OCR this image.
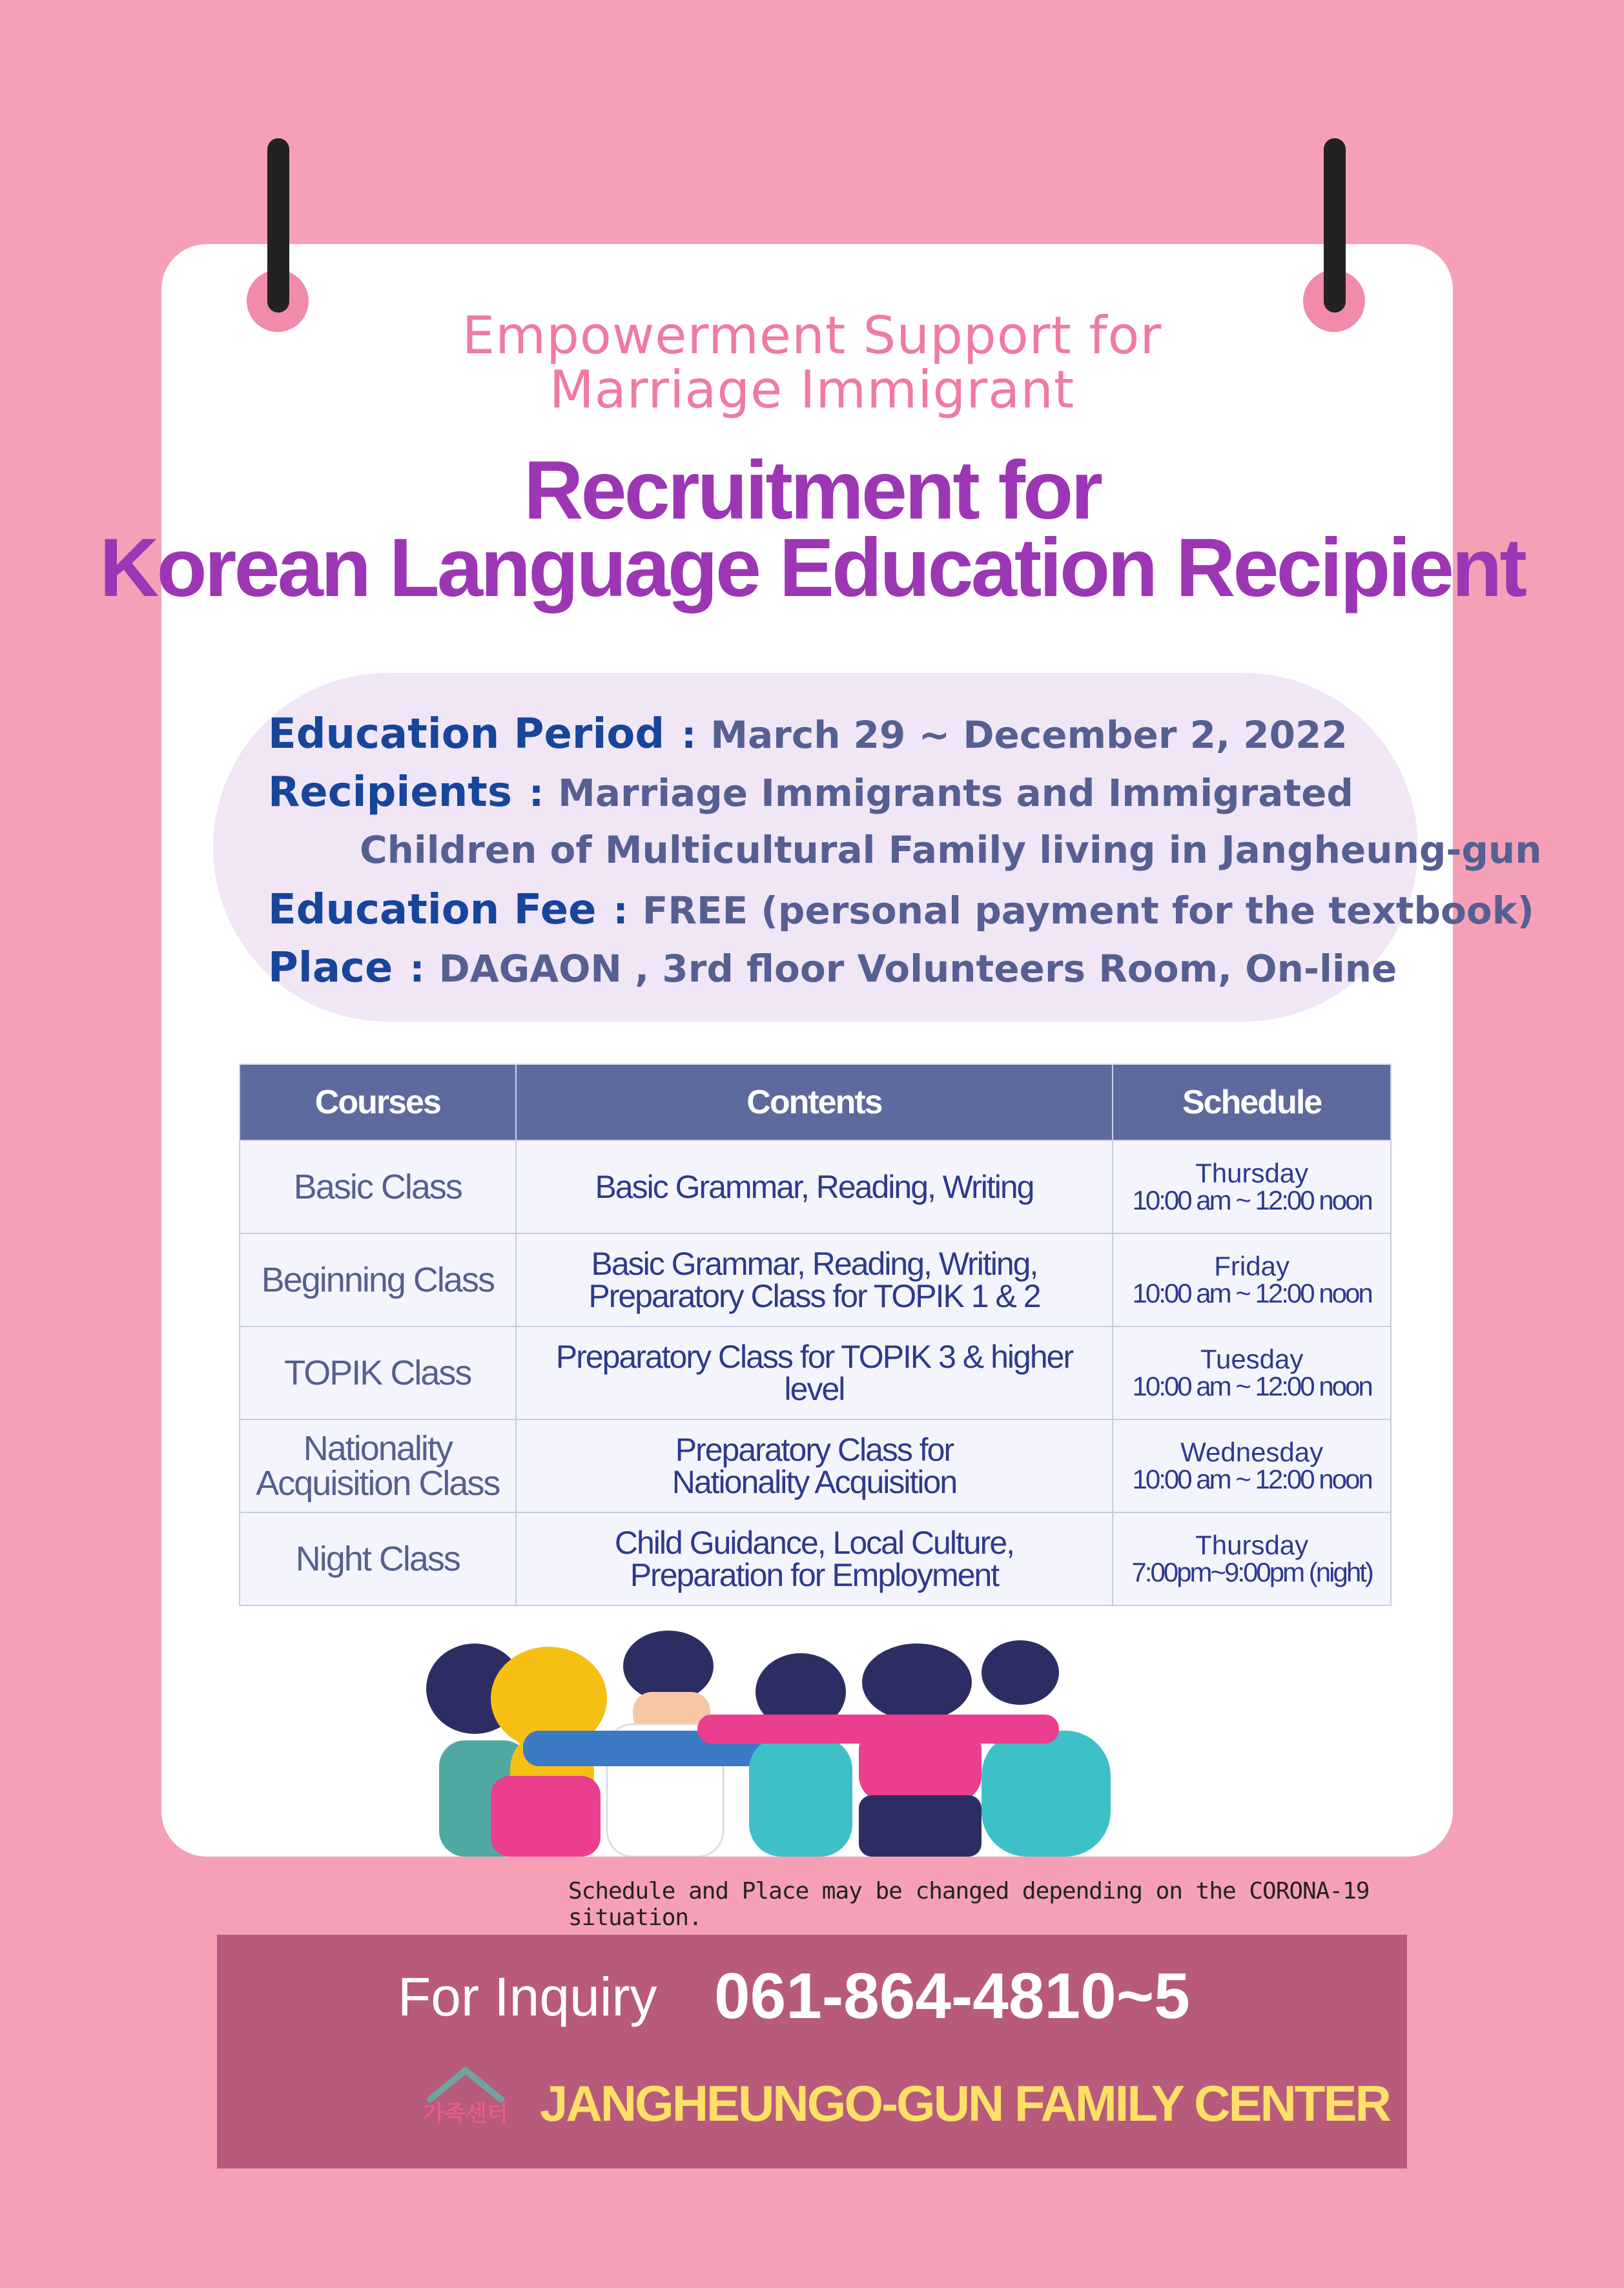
Empowerment Support for
Marriage Immigrant
Recruitment for
Korean Language Education Recipient
Education Period : March 29 ~ December 2, 2022
Recipients : Marriage Immigrants and Immigrated
Children of Multicultural Family living in Jangheung-gun
Education Fee : FREE (personal payment for the textbook)
Place : DAGAON , 3rd floor Volunteers Room, On-line
Courses	Contents	Schedule
Basic Class	Basic Grammar, Reading, Writing	Thursday
10:00 am ~ 12:00 noon

Beginning Class	Basic Grammar, Reading, Writing,
Preparatory Class for TOPIK 1 & 2	Friday
10:00 am ~ 12:00 noon

TOPIK Class	Preparatory Class for TOPIK 3 & higher
level	Tuesday
10:00 am ~ 12:00 noon

Nationality Acquisition Class	Preparatory Class for
Nationality Acquisition	Wednesday
10:00 am ~ 12:00 noon

Night Class	Child Guidance, Local Culture,
Preparation for Employment	Thursday
7:00pm~9:00pm (night)
Schedule and Place may be changed depending on the CORONA-19 situation.
For Inquiry 061-864-4810~5
가족센터 JANGHEUNGO-GUN FAMILY CENTER
